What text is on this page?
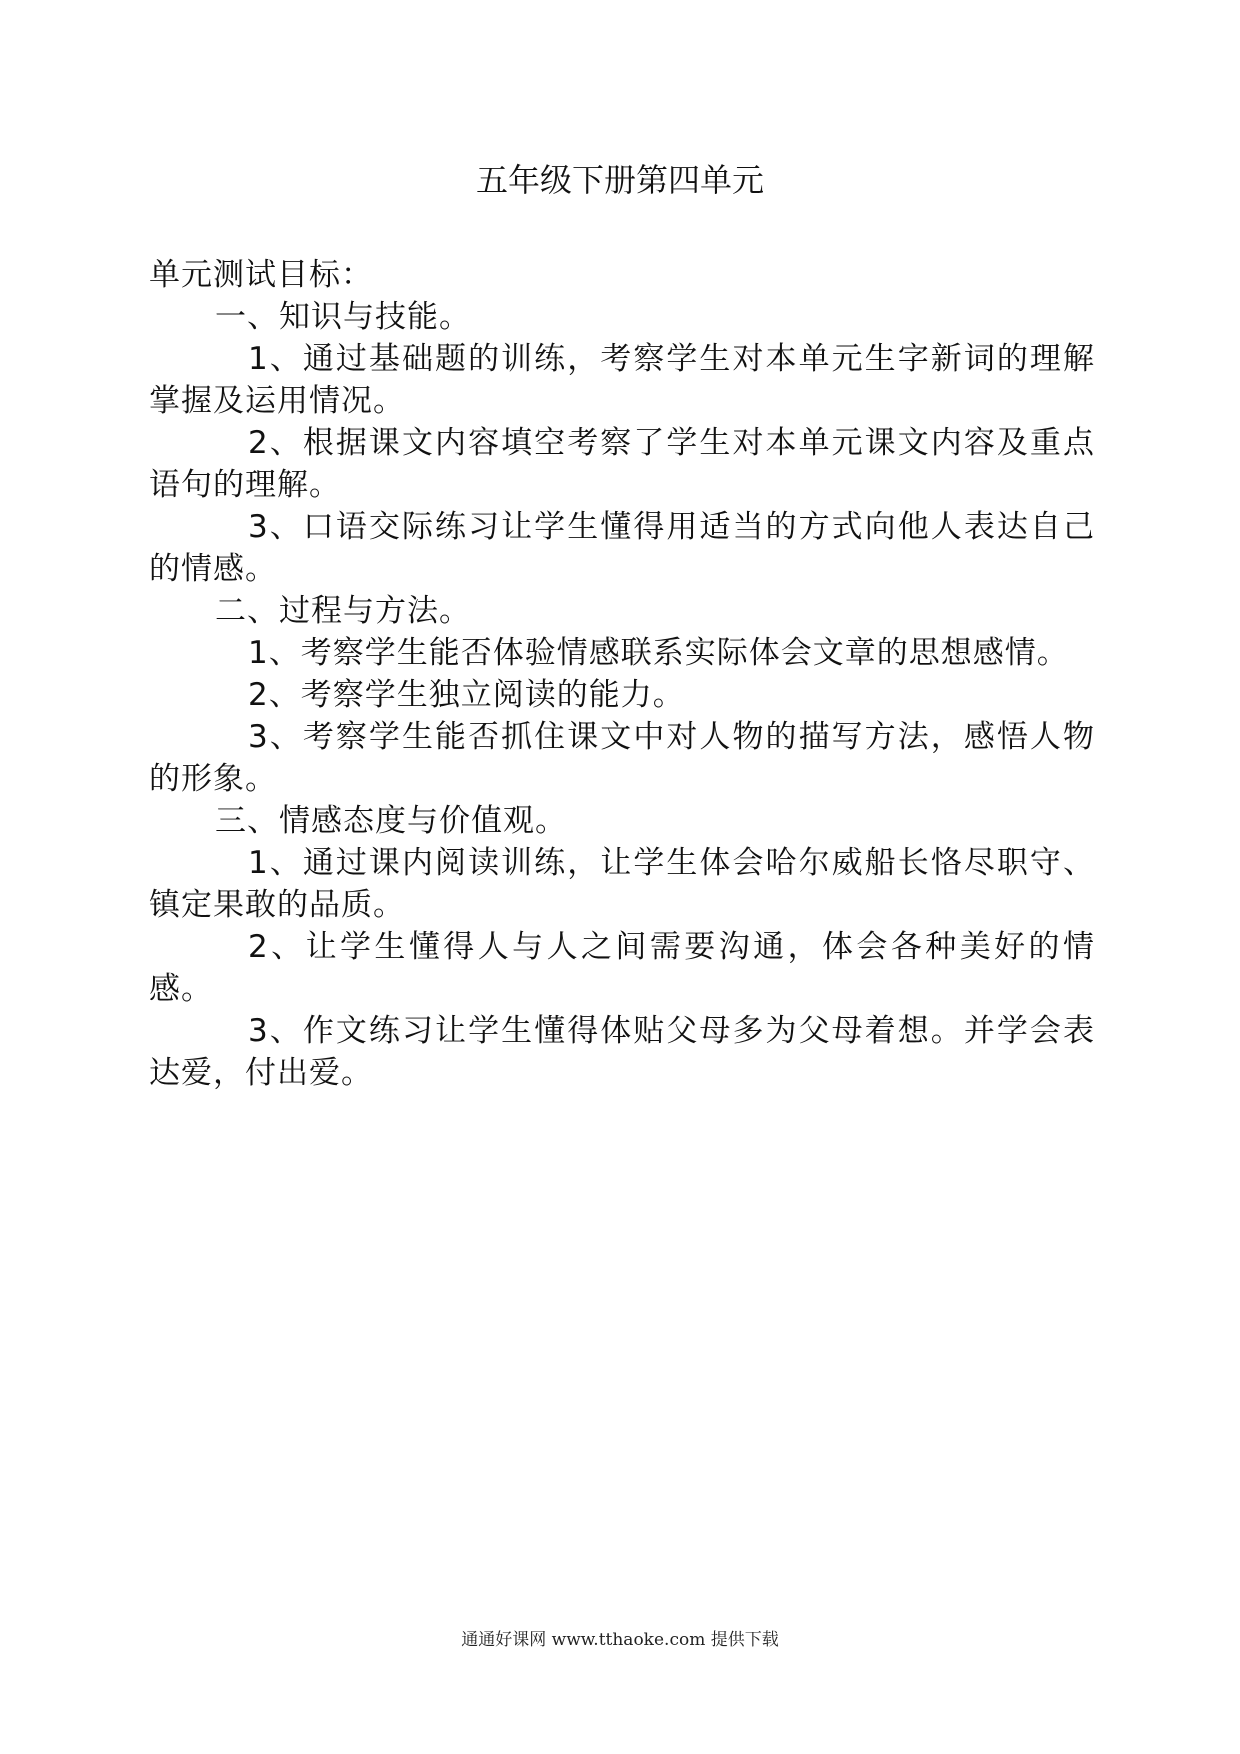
五年级下册第四单元

单元测试目标：

一、知识与技能。

1、通过基础题的训练，考察学生对本单元生字新词的理解掌握及运用情况。

2、根据课文内容填空考察了学生对本单元课文内容及重点语句的理解。

3、口语交际练习让学生懂得用适当的方式向他人表达自己的情感。

二、过程与方法。

1、考察学生能否体验情感联系实际体会文章的思想感情。

2、考察学生独立阅读的能力。

3、考察学生能否抓住课文中对人物的描写方法，感悟人物的形象。

三、情感态度与价值观。

1、通过课内阅读训练，让学生体会哈尔威船长恪尽职守、镇定果敢的品质。

2、让学生懂得人与人之间需要沟通，体会各种美好的情感。

3、作文练习让学生懂得体贴父母多为父母着想。并学会表达爱，付出爱。

通通好课网 www.tthaoke.com 提供下载
